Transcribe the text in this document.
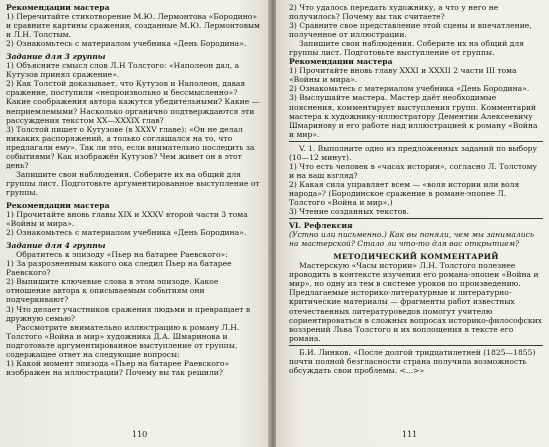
Рекомендации мастера

1) Перечитайте стихотворение М.Ю. Лермонтова «Бородино» и сравните картины сражения, созданные М.Ю. Лермонтовым и Л.Н. Толстым.

2) Ознакомьтесь с материалом учебника «День Бородина».

Задание для 3 группы

1) Объясните смысл слов Л.Н Толстого: «Наполеон дал, а Кутузов принял сражение».

2) Как Толстой доказывает, что Кутузов и Наполеон, давая сражение, поступили «непроизвольно и бессмысленно»? Какие соображения автора кажутся убедительными? Какие — неприемлемыми? Насколько органично подтверждаются эти рассуждения текстом XX—XXXIX глав?

3) Толстой пишет о Кутузове (в XXXV главе): «Он не делал никаких распоряжений, а только соглашался на то, что предлагали ему». Так ли это, если внимательно последить за событиями? Как изображён Кутузов? Чем живет он в этот день?

Запишите свои наблюдения. Соберите их на общий для группы лист. Подготовьте аргументированное выступление от группы.

Рекомендации мастера

1) Прочитайте вновь главы XIX и XXXV второй части 3 тома «Войны и мира».

2) Ознакомьтесь с материалом учебника «День Бородина».

Задание для 4 группы

Обратитесь к эпизоду «Пьер на батарее Раевского»:

1) За разрозненным какого ока следил Пьер на батарее Раевского?

2) Выпишите ключевые слова в этом эпизоде. Какое отношение автора к описываемым событиям они подчеркивают?

3) Что делает участников сражения людьми и превращает в дружную семью?

Рассмотрите внимательно иллюстрацию к роману Л.Н. Толстого «Война и мир» художника Д.А. Шмаринова и подготовьте аргументированное выступление от группы, содержащее ответ на следующие вопросы:

1) Какой момент эпизода «Пьер на батарее Раевского» изображен на иллюстрации? Почему вы так решили?

110

2) Что удалось передать художнику, а что у него не получилось? Почему вы так считаете?

3) Сравните свое представление этой сцены и впечатление, полученное от иллюстрации.

Запишите свои наблюдения. Соберите их на общий для группы лист. Подготовьте выступление от группы.

Рекомендации мастера

1) Прочитайте вновь главу XXXI и XXXII 2 части III тома «Войны и мира».

2) Ознакомьтесь с материалом учебника «День Бородина».

3) Выслушайте мастера. Мастер даёт необходимые пояснения, комментирует выступления групп. Комментарий мастера к художнику-иллюстратору Дементии Алексеевичу Шмаринову и его работе над иллюстрацией к роману «Война и мир».

V. 1. Выполните одно из предложенных заданий по выбору (10—12 минут).

1) Что есть человек в «часах истории», согласно Л. Толстому и на ваш взгляд?

2) Какая сила управляет всем — «воля истории или воля народа»? (Бородинское сражение в романе-эпопее Л. Толстого «Война и мир».)

3) Чтение созданных текстов.

VI. Рефлексия

(Устно или письменно.) Как вы поняли, чем мы занимались на мастерской? Стало ли что-то для вас открытием?

МЕТОДИЧЕСКИЙ КОММЕНТАРИЙ

Мастерскую «Часы истории» Л.Н. Толстого полезнее проводить в контексте изучения его романа-эпопеи «Война и мир», но одну из тем в системе уроков по произведению. Предлагаемые историко-литературные и литературно-критические материалы — фрагменты работ известных отечественных литературоведов помогут учителю сориентироваться в сложных вопросах историко-философских воззрений Льва Толстого и их воплощения в тексте его романа.

Б.И. Линков. «После долгой тридцатилетней (1825—1855) почти полной безгласности страна получила возможность обсуждать свои проблемы. <...>»

111
